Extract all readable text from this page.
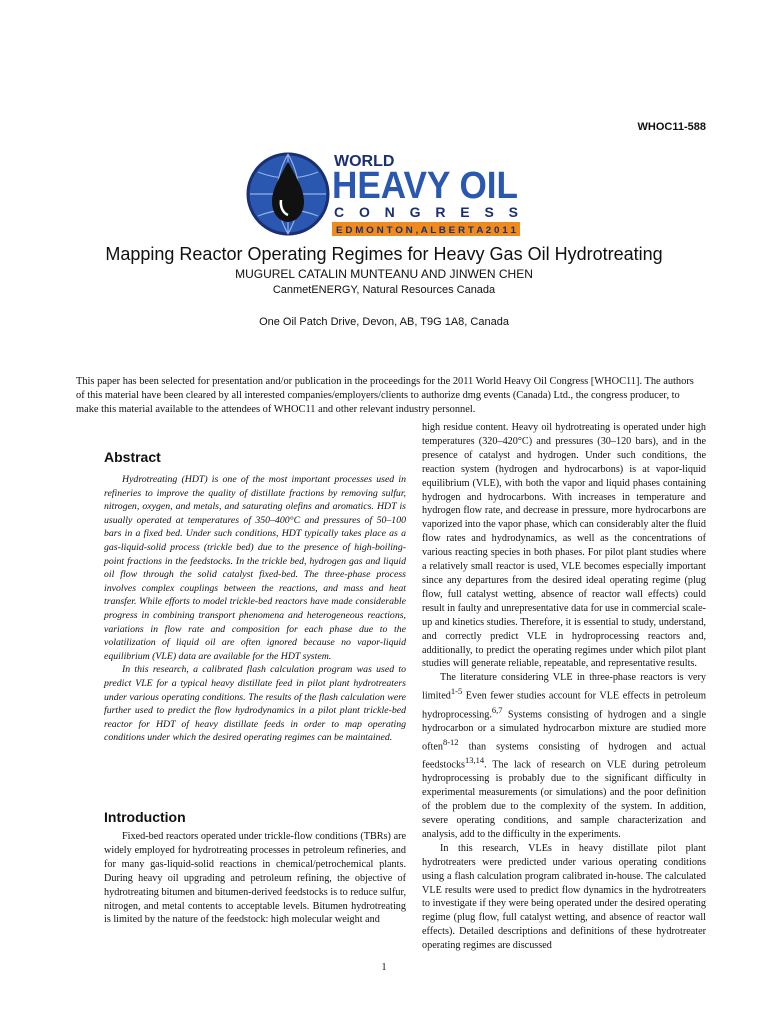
WHOC11-588
WORLD
HEAVY OIL
C O N G R E S S
E D M O N T O N , A L B E R T A 2 0 1 1
Mapping Reactor Operating Regimes for Heavy Gas Oil Hydrotreating
MUGUREL CATALIN MUNTEANU AND JINWEN CHEN
CanmetENERGY, Natural Resources Canada
One Oil Patch Drive, Devon, AB, T9G 1A8, Canada
This paper has been selected for presentation and/or publication in the proceedings for the 2011 World Heavy Oil Congress [WHOC11]. The authors of this material have been cleared by all interested companies/employers/clients to authorize dmg events (Canada) Ltd., the congress producer, to make this material available to the attendees of WHOC11 and other relevant industry personnel.
Abstract

Hydrotreating (HDT) is one of the most important processes used in refineries to improve the quality of distillate fractions by removing sulfur, nitrogen, oxygen, and metals, and saturating olefins and aromatics. HDT is usually operated at temperatures of 350–400°C and pressures of 50–100 bars in a fixed bed. Under such conditions, HDT typically takes place as a gas-liquid-solid process (trickle bed) due to the presence of high-boiling-point fractions in the feedstocks. In the trickle bed, hydrogen gas and liquid oil flow through the solid catalyst fixed-bed. The three-phase process involves complex couplings between the reactions, and mass and heat transfer. While efforts to model trickle-bed reactors have made considerable progress in combining transport phenomena and heterogeneous reactions, variations in flow rate and composition for each phase due to the volatilization of liquid oil are often ignored because no vapor-liquid equilibrium (VLE) data are available for the HDT system.

In this research, a calibrated flash calculation program was used to predict VLE for a typical heavy distillate feed in pilot plant hydrotreaters under various operating conditions. The results of the flash calculation were further used to predict the flow hydrodynamics in a pilot plant trickle-bed reactor for HDT of heavy distillate feeds in order to map operating conditions under which the desired operating regimes can be maintained.

Introduction

Fixed-bed reactors operated under trickle-flow conditions (TBRs) are widely employed for hydrotreating processes in petroleum refineries, and for many gas-liquid-solid reactions in chemical/petrochemical plants. During heavy oil upgrading and petroleum refining, the objective of hydrotreating bitumen and bitumen-derived feedstocks is to reduce sulfur, nitrogen, and metal contents to acceptable levels. Bitumen hydrotreating is limited by the nature of the feedstock: high molecular weight and

high residue content. Heavy oil hydrotreating is operated under high temperatures (320–420°C) and pressures (30–120 bars), and in the presence of catalyst and hydrogen. Under such conditions, the reaction system (hydrogen and hydrocarbons) is at vapor-liquid equilibrium (VLE), with both the vapor and liquid phases containing hydrogen and hydrocarbons. With increases in temperature and hydrogen flow rate, and decrease in pressure, more hydrocarbons are vaporized into the vapor phase, which can considerably alter the fluid flow rates and hydrodynamics, as well as the concentrations of various reacting species in both phases. For pilot plant studies where a relatively small reactor is used, VLE becomes especially important since any departures from the desired ideal operating regime (plug flow, full catalyst wetting, absence of reactor wall effects) could result in faulty and unrepresentative data for use in commercial scale-up and kinetics studies. Therefore, it is essential to study, understand, and correctly predict VLE in hydroprocessing reactors and, additionally, to predict the operating regimes under which pilot plant studies will generate reliable, repeatable, and representative results.

The literature considering VLE in three-phase reactors is very limited$^{1-5}$ Even fewer studies account for VLE effects in petroleum hydroprocessing.$^{6,7}$ Systems consisting of hydrogen and a single hydrocarbon or a simulated hydrocarbon mixture are studied more often$^{8-12}$ than systems consisting of hydrogen and actual feedstocks$^{13,14}$. The lack of research on VLE during petroleum hydroprocessing is probably due to the significant difficulty in experimental measurements (or simulations) and the poor definition of the problem due to the complexity of the system. In addition, severe operating conditions, and sample characterization and analysis, add to the difficulty in the experiments.

In this research, VLEs in heavy distillate pilot plant hydrotreaters were predicted under various operating conditions using a flash calculation program calibrated in-house. The calculated VLE results were used to predict flow dynamics in the hydrotreaters to investigate if they were being operated under the desired operating regime (plug flow, full catalyst wetting, and absence of reactor wall effects). Detailed descriptions and definitions of these hydrotreater operating regimes are discussed

1
